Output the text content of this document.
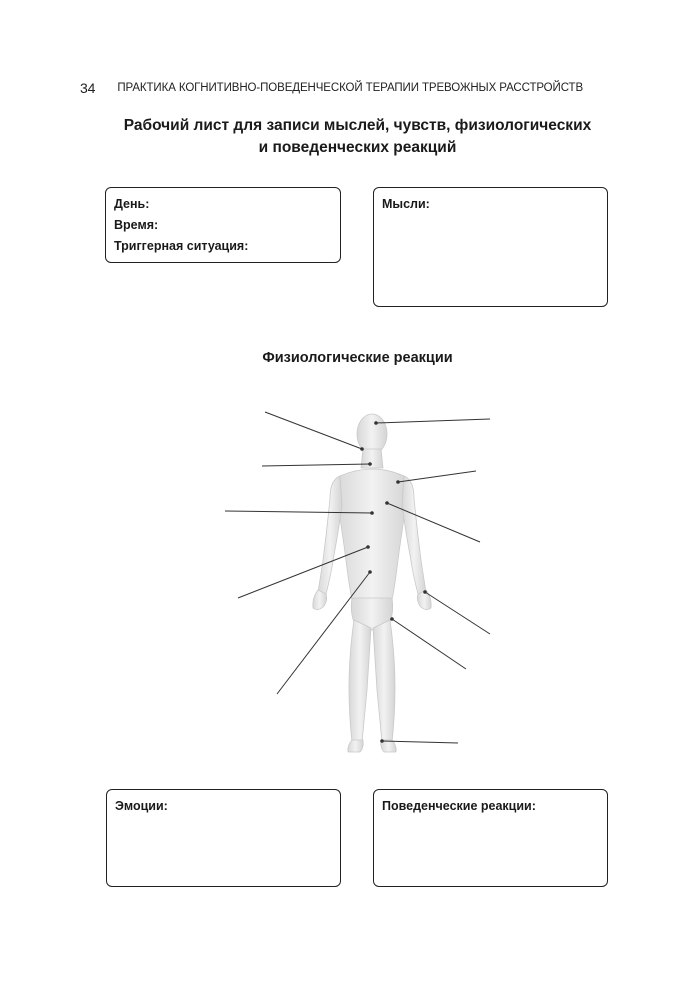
34 ПРАКТИКА КОГНИТИВНО-ПОВЕДЕНЧЕСКОЙ ТЕРАПИИ ТРЕВОЖНЫХ РАССТРОЙСТВ
Рабочий лист для записи мыслей, чувств, физиологических
и поведенческих реакций
День:
Время:
Триггерная ситуация:
Мысли:
Физиологические реакции
Эмоции:	Поведенческие реакции:
